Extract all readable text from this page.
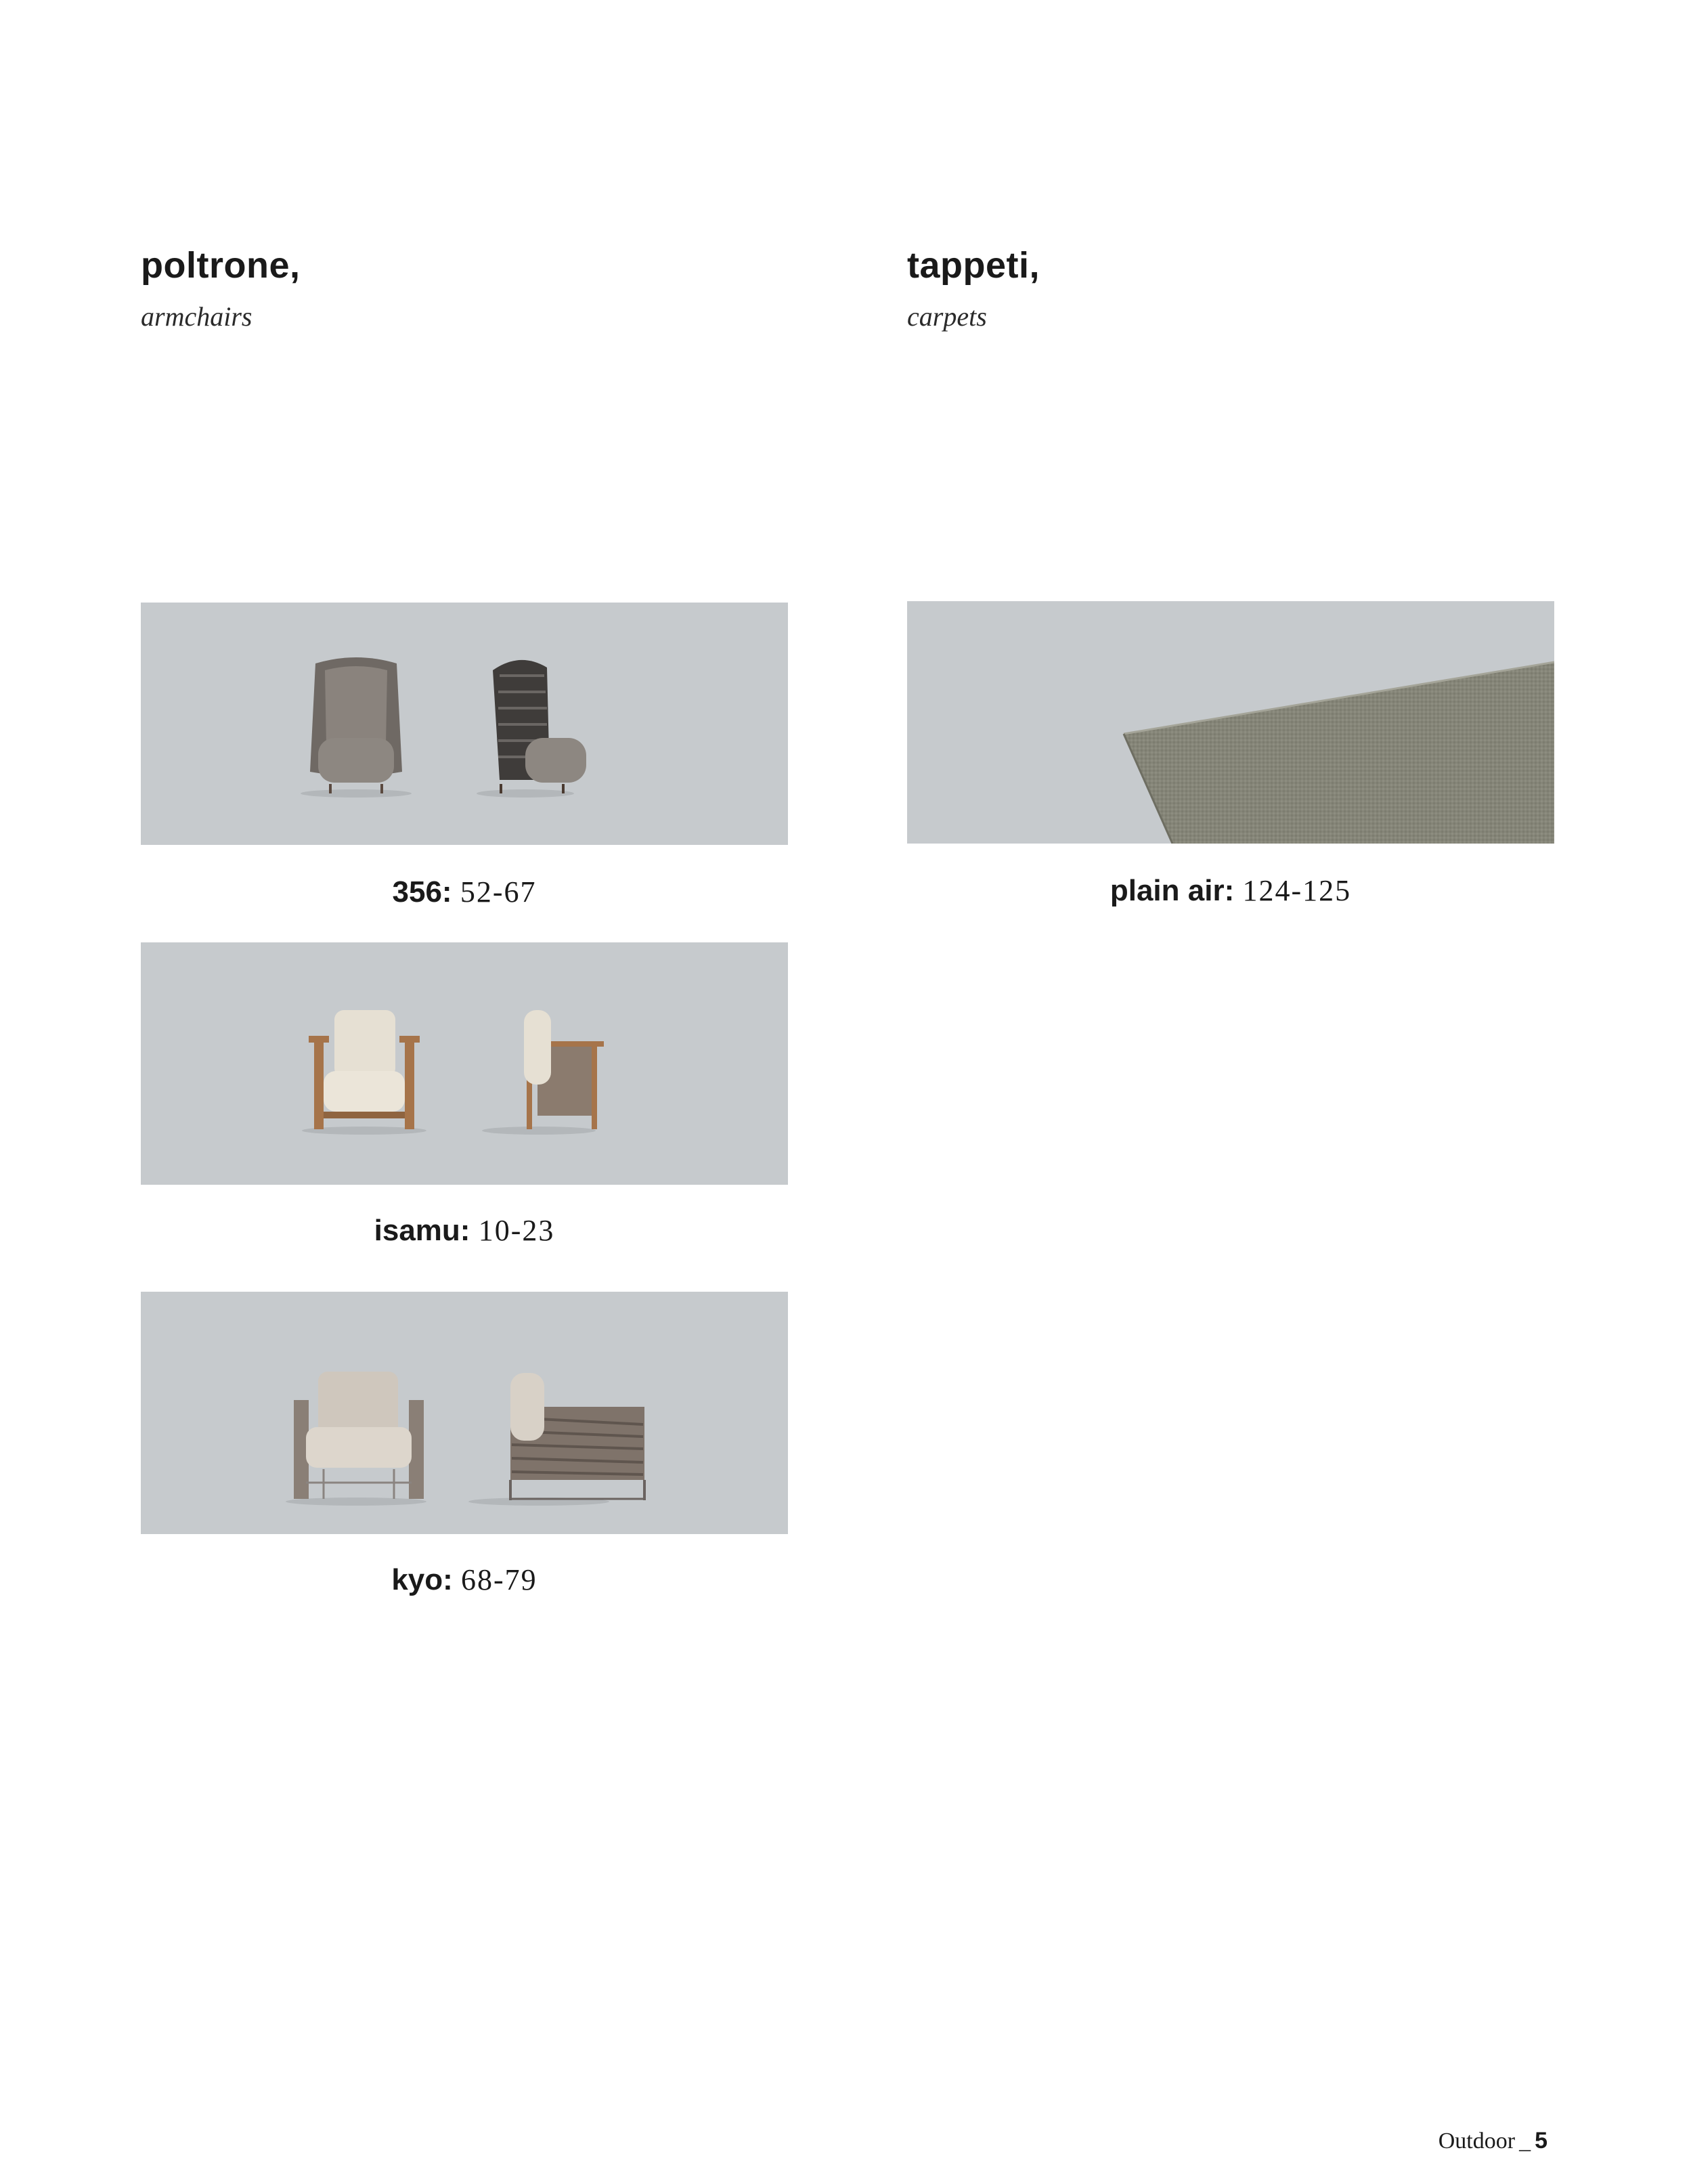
poltrone,
armchairs
tappeti,
carpets
356: 52-67
isamu: 10-23
kyo: 68-79
plain air: 124-125
Outdoor _ 5
